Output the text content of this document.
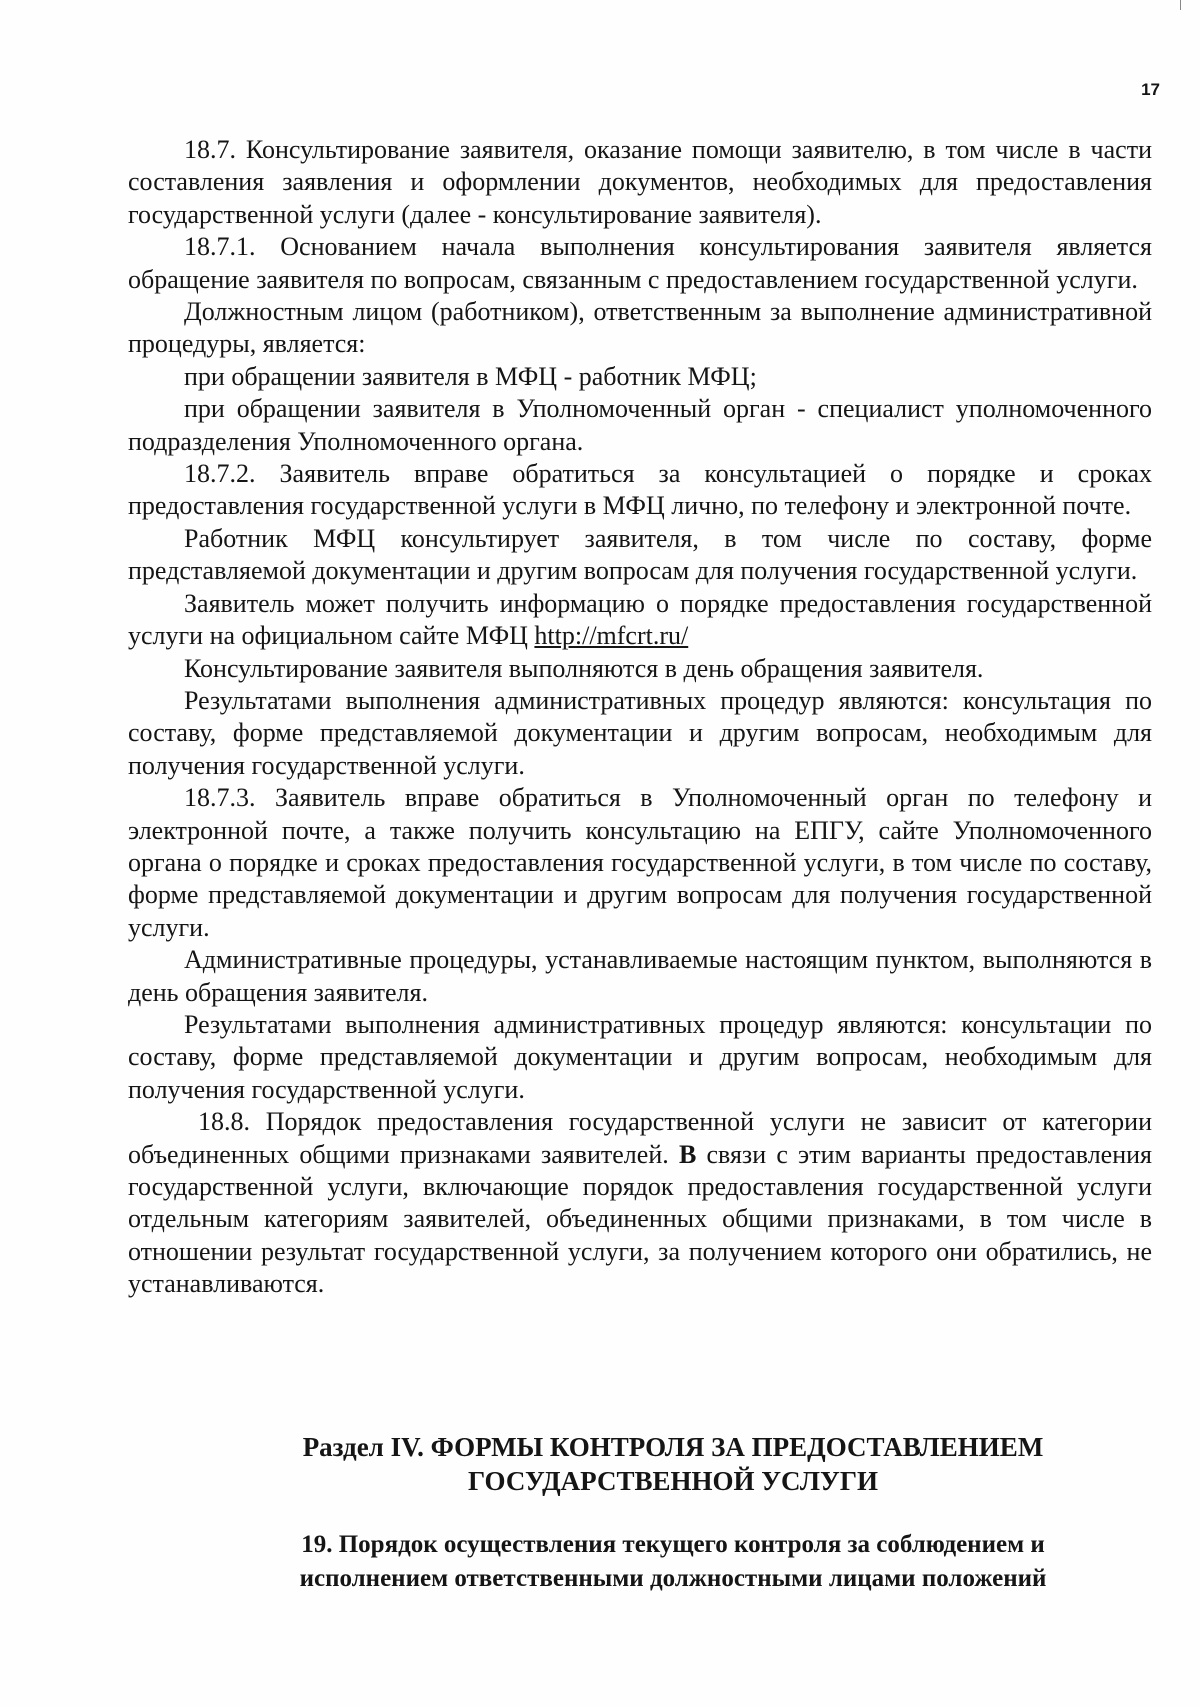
17

18.7. Консультирование заявителя, оказание помощи заявителю, в том числе в части составления заявления и оформлении документов, необходимых для предоставления государственной услуги (далее - консультирование заявителя).

18.7.1. Основанием начала выполнения консультирования заявителя является обращение заявителя по вопросам, связанным с предоставлением государственной услуги.

Должностным лицом (работником), ответственным за выполнение административной процедуры, является:

при обращении заявителя в МФЦ - работник МФЦ;

при обращении заявителя в Уполномоченный орган - специалист уполномоченного подразделения Уполномоченного органа.

18.7.2. Заявитель вправе обратиться за консультацией о порядке и сроках предоставления государственной услуги в МФЦ лично, по телефону и электронной почте.

Работник МФЦ консультирует заявителя, в том числе по составу, форме представляемой документации и другим вопросам для получения государственной услуги.

Заявитель может получить информацию о порядке предоставления государственной услуги на официальном сайте МФЦ http://mfcrt.ru/

Консультирование заявителя выполняются в день обращения заявителя.

Результатами выполнения административных процедур являются: консультация по составу, форме представляемой документации и другим вопросам, необходимым для получения государственной услуги.

18.7.3. Заявитель вправе обратиться в Уполномоченный орган по телефону и электронной почте, а также получить консультацию на ЕПГУ, сайте Уполномоченного органа о порядке и сроках предоставления государственной услуги, в том числе по составу, форме представляемой документации и другим вопросам для получения государственной услуги.

Административные процедуры, устанавливаемые настоящим пунктом, выполняются в день обращения заявителя.

Результатами выполнения административных процедур являются: консультации по составу, форме представляемой документации и другим вопросам, необходимым для получения государственной услуги.

18.8. Порядок предоставления государственной услуги не зависит от категории объединенных общими признаками заявителей. В связи с этим варианты предоставления государственной услуги, включающие порядок предоставления государственной услуги отдельным категориям заявителей, объединенных общими признаками, в том числе в отношении результат государственной услуги, за получением которого они обратились, не устанавливаются.

Раздел IV. ФОРМЫ КОНТРОЛЯ ЗА ПРЕДОСТАВЛЕНИЕМ
ГОСУДАРСТВЕННОЙ УСЛУГИ
19. Порядок осуществления текущего контроля за соблюдением и
исполнением ответственными должностными лицами положений
